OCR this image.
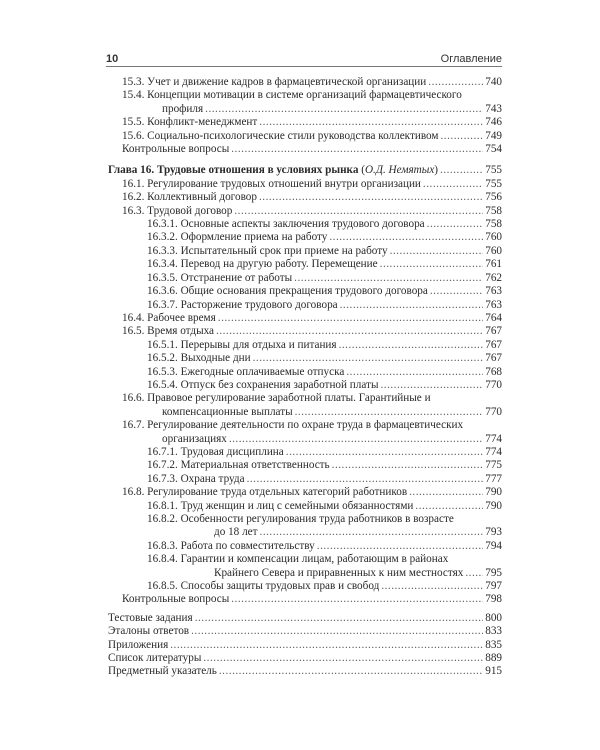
10	Оглавление
15.3. Учет и движение кадров в фармацевтической организации .....	740
15.4. Концепции мотивации в системе организаций фармацевтического
профиля .....	743
15.5. Конфликт-менеджмент .....	746
15.6. Социально-психологические стили руководства коллективом .....	749
Контрольные вопросы .....	754
Глава 16. Трудовые отношения в условиях рынка (О.Д. Немятых) .....	755
16.1. Регулирование трудовых отношений внутри организации .....	755
16.2. Коллективный договор .....	756
16.3. Трудовой договор .....	758
16.3.1. Основные аспекты заключения трудового договора .....	758
16.3.2. Оформление приема на работу .....	760
16.3.3. Испытательный срок при приеме на работу .....	760
16.3.4. Перевод на другую работу. Перемещение .....	761
16.3.5. Отстранение от работы .....	762
16.3.6. Общие основания прекращения трудового договора .....	763
16.3.7. Расторжение трудового договора .....	763
16.4. Рабочее время .....	764
16.5. Время отдыха .....	767
16.5.1. Перерывы для отдыха и питания .....	767
16.5.2. Выходные дни .....	767
16.5.3. Ежегодные оплачиваемые отпуска .....	768
16.5.4. Отпуск без сохранения заработной платы .....	770
16.6. Правовое регулирование заработной платы. Гарантийные и
компенсационные выплаты .....	770
16.7. Регулирование деятельности по охране труда в фармацевтических
организациях .....	774
16.7.1. Трудовая дисциплина .....	774
16.7.2. Материальная ответственность .....	775
16.7.3. Охрана труда .....	777
16.8. Регулирование труда отдельных категорий работников .....	790
16.8.1. Труд женщин и лиц с семейными обязанностями .....	790
16.8.2. Особенности регулирования труда работников в возрасте
до 18 лет .....	793
16.8.3. Работа по совместительству .....	794
16.8.4. Гарантии и компенсации лицам, работающим в районах
Крайнего Севера и приравненных к ним местностях ..... 795
16.8.5. Способы защиты трудовых прав и свобод .....	797
Контрольные вопросы .....	798
Тестовые задания .....	800
Эталоны ответов .....	833
Приложения .....	835
Список литературы .....	889
Предметный указатель .....	915
